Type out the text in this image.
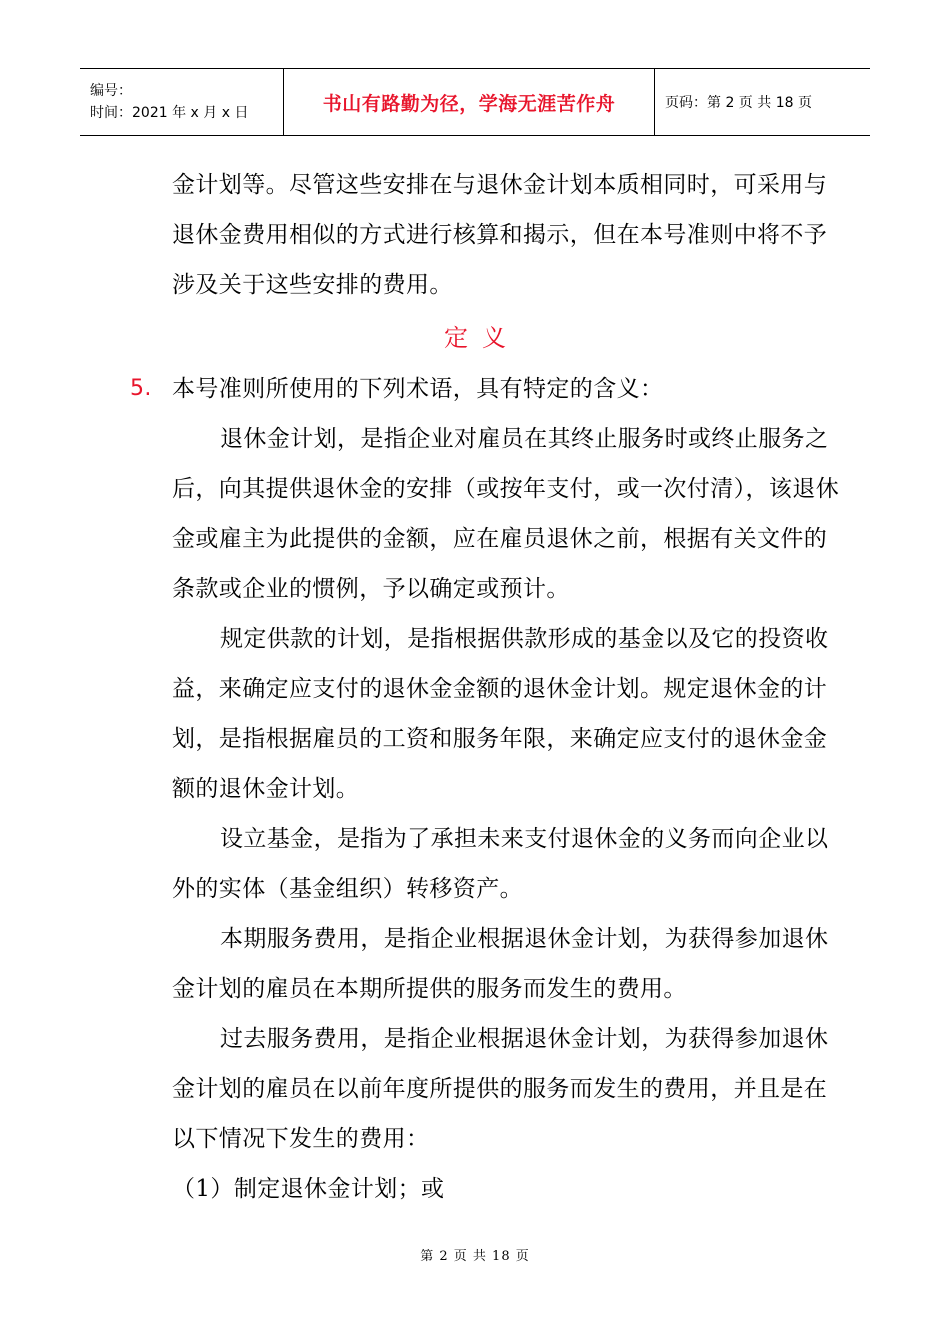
编号：
时间：2021 年 x 月 x 日	书山有路勤为径，学海无涯苦作舟	页码：第 2 页 共 18 页
金计划等。尽管这些安排在与退休金计划本质相同时，可采用与退休金费用相似的方式进行核算和揭示，但在本号准则中将不予涉及关于这些安排的费用。
定义
5. 本号准则所使用的下列术语，具有特定的含义：
退休金计划，是指企业对雇员在其终止服务时或终止服务之后，向其提供退休金的安排（或按年支付，或一次付清），该退休金或雇主为此提供的金额，应在雇员退休之前，根据有关文件的条款或企业的惯例，予以确定或预计。
规定供款的计划，是指根据供款形成的基金以及它的投资收益，来确定应支付的退休金金额的退休金计划。规定退休金的计划，是指根据雇员的工资和服务年限，来确定应支付的退休金金额的退休金计划。
设立基金，是指为了承担未来支付退休金的义务而向企业以外的实体（基金组织）转移资产。
本期服务费用，是指企业根据退休金计划，为获得参加退休金计划的雇员在本期所提供的服务而发生的费用。
过去服务费用，是指企业根据退休金计划，为获得参加退休金计划的雇员在以前年度所提供的服务而发生的费用，并且是在以下情况下发生的费用：
（1）制定退休金计划；或
第 2 页 共 18 页
